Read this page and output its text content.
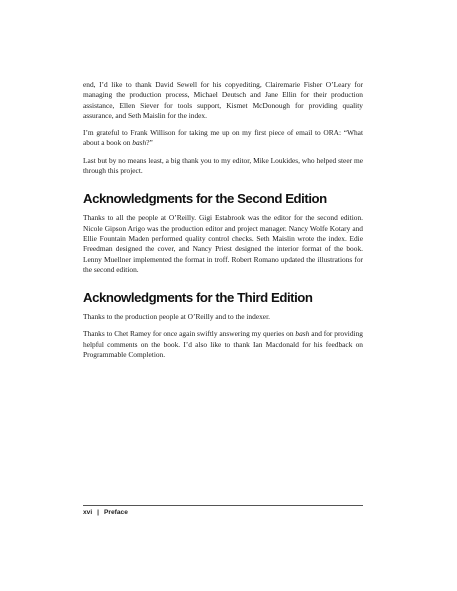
end, I’d like to thank David Sewell for his copyediting, Clairemarie Fisher O’Leary for managing the production process, Michael Deutsch and Jane Ellin for their production assistance, Ellen Siever for tools support, Kismet McDonough for providing quality assurance, and Seth Maislin for the index.

I’m grateful to Frank Willison for taking me up on my first piece of email to ORA: “What about a book on bash?”

Last but by no means least, a big thank you to my editor, Mike Loukides, who helped steer me through this project.

Acknowledgments for the Second Edition

Thanks to all the people at O’Reilly. Gigi Estabrook was the editor for the second edition. Nicole Gipson Arigo was the production editor and project manager. Nancy Wolfe Kotary and Ellie Fountain Maden performed quality control checks. Seth Maislin wrote the index. Edie Freedman designed the cover, and Nancy Priest designed the interior format of the book. Lenny Muellner implemented the format in troff. Robert Romano updated the illustrations for the second edition.

Acknowledgments for the Third Edition

Thanks to the production people at O’Reilly and to the indexer.

Thanks to Chet Ramey for once again swiftly answering my queries on bash and for providing helpful comments on the book. I’d also like to thank Ian Macdonald for his feedback on Programmable Completion.

xvi | Preface
